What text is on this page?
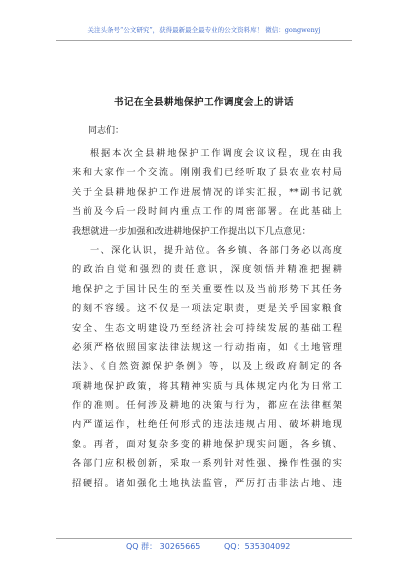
关注头条号“公文研究”，获得最新最全最专业的公文资料库！ 微信：gongwenyj
书记在全县耕地保护工作调度会上的讲话
同志们：
根据本次全县耕地保护工作调度会议议程，现在由我
来和大家作一个交流。刚刚我们已经听取了县农业农村局
关于全县耕地保护工作进展情况的详实汇报，**副书记就
当前及今后一段时间内重点工作的周密部署。在此基础上
我想就进一步加强和改进耕地保护工作提出以下几点意见：
一、深化认识，提升站位。各乡镇、各部门务必以高度
的政治自觉和强烈的责任意识，深度领悟并精准把握耕
地保护之于国计民生的至关重要性以及当前形势下其任务
的刻不容缓。这不仅是一项法定职责，更是关乎国家粮食
安全、生态文明建设乃至经济社会可持续发展的基础工程
必须严格依照国家法律法规这一行动指南，如《土地管理
法》、《自然资源保护条例》等，以及上级政府制定的各
项耕地保护政策，将其精神实质与具体规定内化为日常工
作的准则。任何涉及耕地的决策与行为，都应在法律框架
内严谨运作，杜绝任何形式的违法违规占用、破坏耕地现
象。再者，面对复杂多变的耕地保护现实问题，各乡镇、
各部门应积极创新，采取一系列针对性强、操作性强的实
招硬招。诸如强化土地执法监管，严厉打击非法占地、违
QQ 群： 30265665	QQ：535304092
